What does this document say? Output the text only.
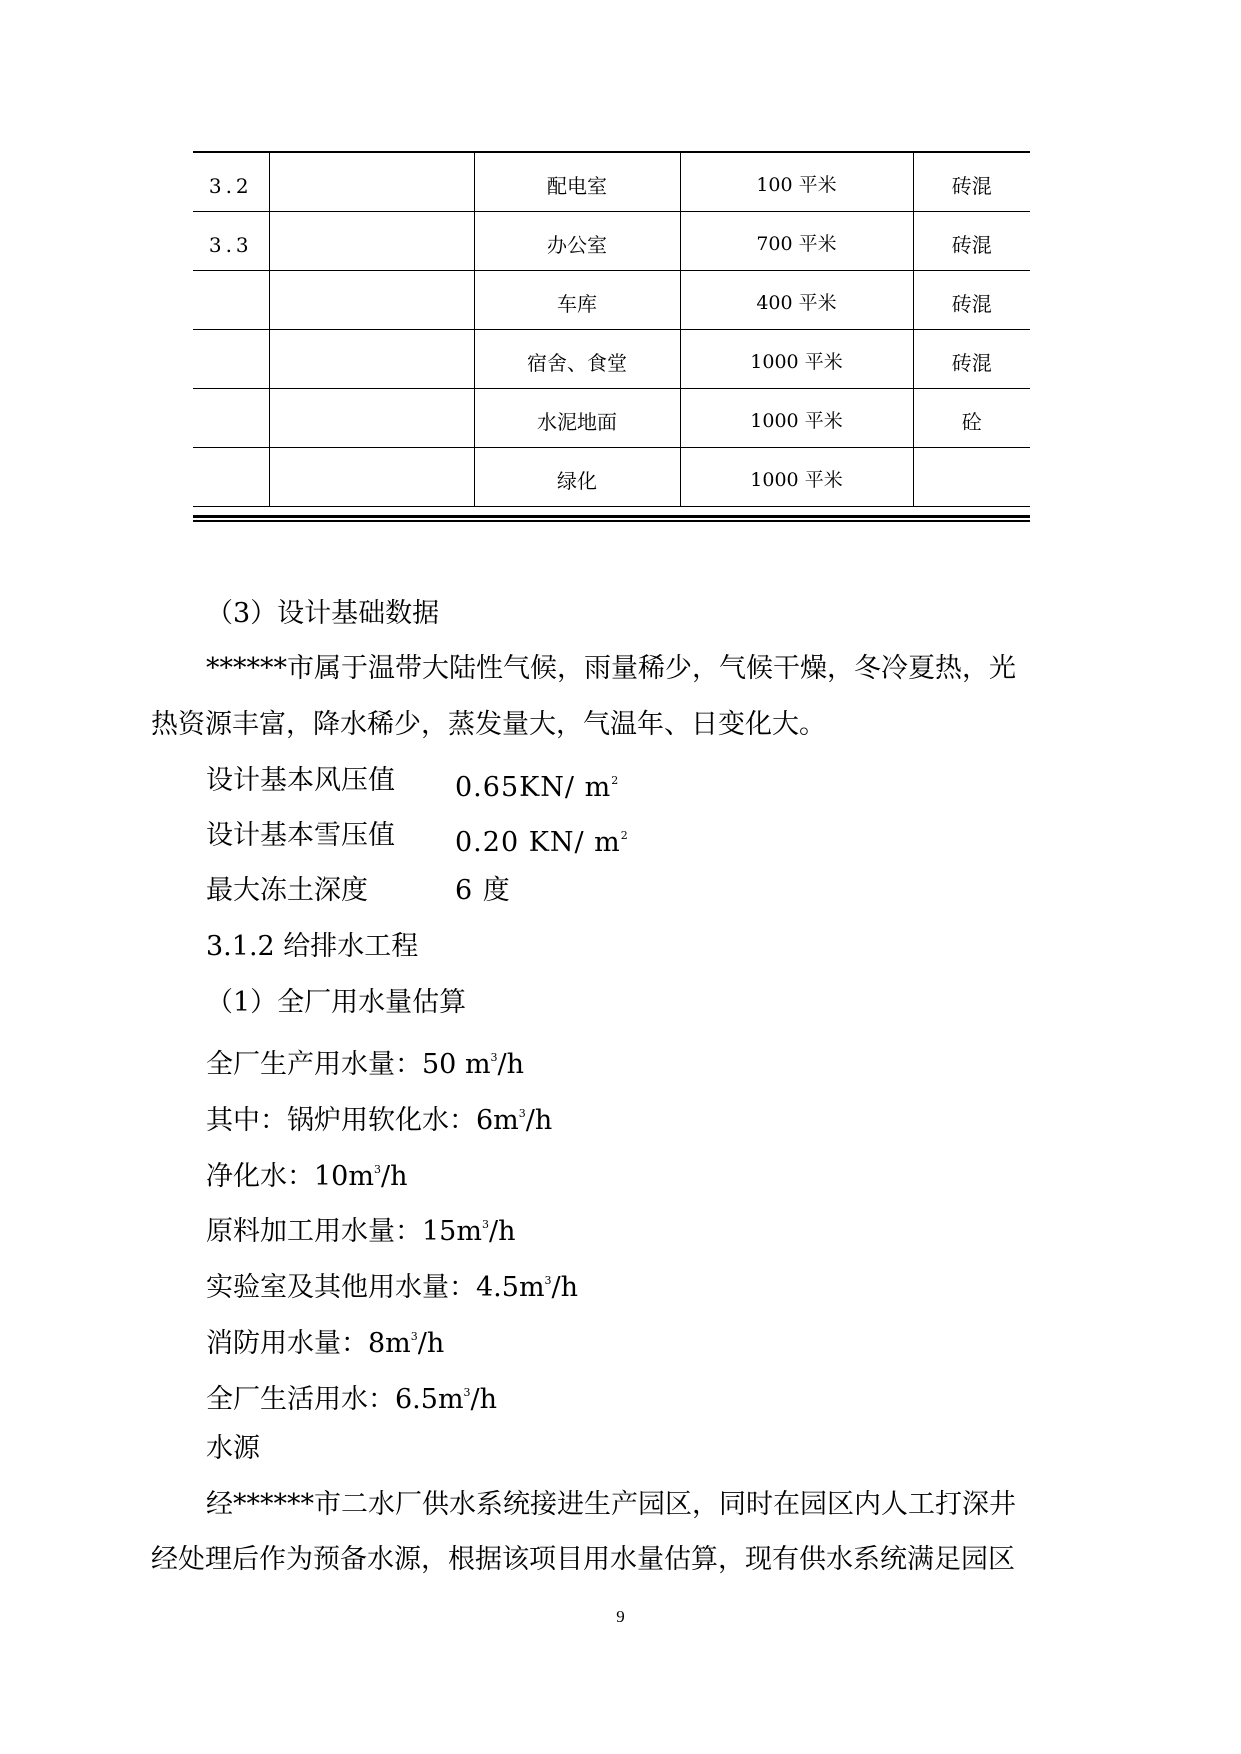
3.2		配电室	100 平米	砖混
3.3		办公室	700 平米	砖混
		车库	400 平米	砖混
		宿舍、食堂	1000 平米	砖混
		水泥地面	1000 平米	砼
		绿化	1000 平米	
（3）设计基础数据
******市属于温带大陆性气候，雨量稀少，气候干燥，冬冷夏热，光
热资源丰富，降水稀少，蒸发量大，气温年、日变化大。
设计基本风压值 0.65KN/ $m^2$
设计基本雪压值 0.20 KN/ $m^2$
最大冻土深度	6 度
3.1.2 给排水工程
（1）全厂用水量估算
全厂生产用水量：50 $m^3/h$
其中：锅炉用软化水：$6m^3/h$
净化水：$10m^3/h$
原料加工用水量：$15m^3/h$
实验室及其他用水量：$4.5m^3/h$
消防用水量：$8m^3/h$
全厂生活用水：$6.5m^3/h$
水源
经******市二水厂供水系统接进生产园区，同时在园区内人工打深井
经处理后作为预备水源，根据该项目用水量估算，现有供水系统满足园区
9
